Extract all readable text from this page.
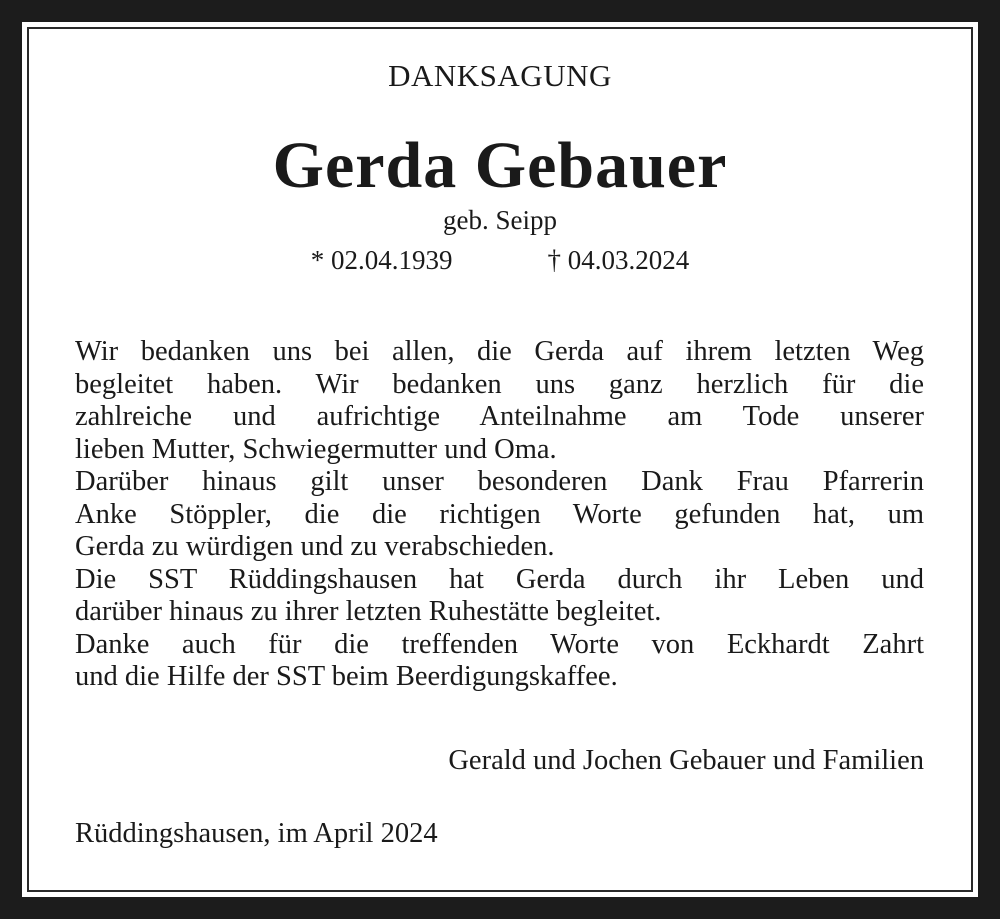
DANKSAGUNG
Gerda Gebauer
geb. Seipp
* 02.04.1939	† 04.03.2024
Wir bedanken uns bei allen, die Gerda auf ihrem letzten Weg
begleitet haben. Wir bedanken uns ganz herzlich für die
zahlreiche und aufrichtige Anteilnahme am Tode unserer
lieben Mutter, Schwiegermutter und Oma.
Darüber hinaus gilt unser besonderen Dank Frau Pfarrerin
Anke Stöppler, die die richtigen Worte gefunden hat, um
Gerda zu würdigen und zu verabschieden.
Die SST Rüddingshausen hat Gerda durch ihr Leben und
darüber hinaus zu ihrer letzten Ruhestätte begleitet.
Danke auch für die treffenden Worte von Eckhardt Zahrt
und die Hilfe der SST beim Beerdigungskaffee.
Gerald und Jochen Gebauer und Familien
Rüddingshausen, im April 2024
